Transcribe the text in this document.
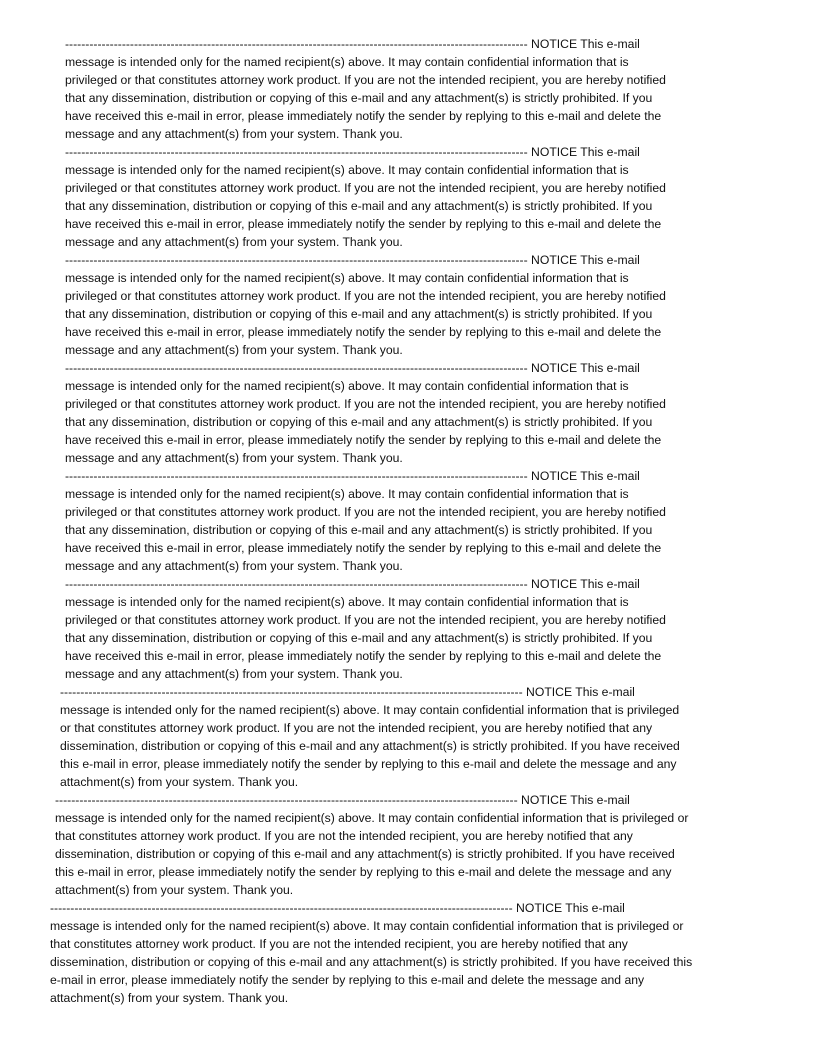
------------------------------------------------------------------------------------------------------------------ NOTICE This e-mail

message is intended only for the named recipient(s) above. It may contain confidential information that is

privileged or that constitutes attorney work product. If you are not the intended recipient, you are hereby notified

that any dissemination, distribution or copying of this e-mail and any attachment(s) is strictly prohibited. If you

have received this e-mail in error, please immediately notify the sender by replying to this e-mail and delete the

message and any attachment(s) from your system. Thank you.

------------------------------------------------------------------------------------------------------------------ NOTICE This e-mail

message is intended only for the named recipient(s) above. It may contain confidential information that is

privileged or that constitutes attorney work product. If you are not the intended recipient, you are hereby notified

that any dissemination, distribution or copying of this e-mail and any attachment(s) is strictly prohibited. If you

have received this e-mail in error, please immediately notify the sender by replying to this e-mail and delete the

message and any attachment(s) from your system. Thank you.

------------------------------------------------------------------------------------------------------------------ NOTICE This e-mail

message is intended only for the named recipient(s) above. It may contain confidential information that is

privileged or that constitutes attorney work product. If you are not the intended recipient, you are hereby notified

that any dissemination, distribution or copying of this e-mail and any attachment(s) is strictly prohibited. If you

have received this e-mail in error, please immediately notify the sender by replying to this e-mail and delete the

message and any attachment(s) from your system. Thank you.

------------------------------------------------------------------------------------------------------------------ NOTICE This e-mail

message is intended only for the named recipient(s) above. It may contain confidential information that is

privileged or that constitutes attorney work product. If you are not the intended recipient, you are hereby notified

that any dissemination, distribution or copying of this e-mail and any attachment(s) is strictly prohibited. If you

have received this e-mail in error, please immediately notify the sender by replying to this e-mail and delete the

message and any attachment(s) from your system. Thank you.

------------------------------------------------------------------------------------------------------------------ NOTICE This e-mail

message is intended only for the named recipient(s) above. It may contain confidential information that is

privileged or that constitutes attorney work product. If you are not the intended recipient, you are hereby notified

that any dissemination, distribution or copying of this e-mail and any attachment(s) is strictly prohibited. If you

have received this e-mail in error, please immediately notify the sender by replying to this e-mail and delete the

message and any attachment(s) from your system. Thank you.

------------------------------------------------------------------------------------------------------------------ NOTICE This e-mail

message is intended only for the named recipient(s) above. It may contain confidential information that is

privileged or that constitutes attorney work product. If you are not the intended recipient, you are hereby notified

that any dissemination, distribution or copying of this e-mail and any attachment(s) is strictly prohibited. If you

have received this e-mail in error, please immediately notify the sender by replying to this e-mail and delete the

message and any attachment(s) from your system. Thank you.

------------------------------------------------------------------------------------------------------------------ NOTICE This e-mail

message is intended only for the named recipient(s) above. It may contain confidential information that is privileged

or that constitutes attorney work product. If you are not the intended recipient, you are hereby notified that any

dissemination, distribution or copying of this e-mail and any attachment(s) is strictly prohibited. If you have received

this e-mail in error, please immediately notify the sender by replying to this e-mail and delete the message and any

attachment(s) from your system. Thank you.

------------------------------------------------------------------------------------------------------------------ NOTICE This e-mail

message is intended only for the named recipient(s) above. It may contain confidential information that is privileged or

that constitutes attorney work product. If you are not the intended recipient, you are hereby notified that any

dissemination, distribution or copying of this e-mail and any attachment(s) is strictly prohibited. If you have received

this e-mail in error, please immediately notify the sender by replying to this e-mail and delete the message and any

attachment(s) from your system. Thank you.

------------------------------------------------------------------------------------------------------------------ NOTICE This e-mail

message is intended only for the named recipient(s) above. It may contain confidential information that is privileged or

that constitutes attorney work product. If you are not the intended recipient, you are hereby notified that any

dissemination, distribution or copying of this e-mail and any attachment(s) is strictly prohibited. If you have received this

e-mail in error, please immediately notify the sender by replying to this e-mail and delete the message and any

attachment(s) from your system. Thank you.
